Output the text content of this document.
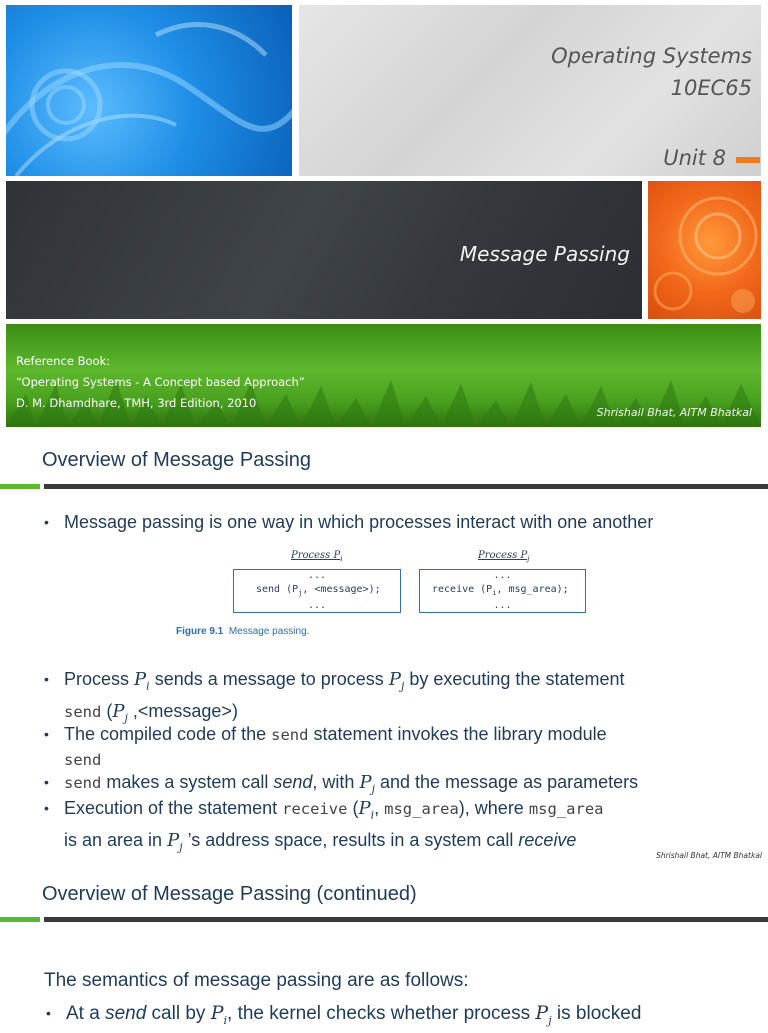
Operating Systems
10EC65
Unit 8
Message Passing
Reference Book:
“Operating Systems - A Concept based Approach”
D. M. Dhamdhare, TMH, 3rd Edition, 2010
Shrishail Bhat, AITM Bhatkal
Overview of Message Passing
• Message passing is one way in which processes interact with one another
Process $P_i$	Process $P_j$
...
send ($P_j$, <message>);
...
...
receive ($P_i$, msg_area);
...
Figure 9.1 Message passing.
• Process $P_i$ sends a message to process $P_j$ by executing the statement
send ($P_j$ ,<message>)
• The compiled code of the send statement invokes the library module
send
• send makes a system call send, with $P_j$ and the message as parameters
• Execution of the statement receive ($P_i$, msg_area), where msg_area
is an area in $P_j$ ’s address space, results in a system call receive
Shrishail Bhat, AITM Bhatkal
Overview of Message Passing (continued)
The semantics of message passing are as follows:
• At a send call by $P_i$, the kernel checks whether process $P_j$ is blocked
